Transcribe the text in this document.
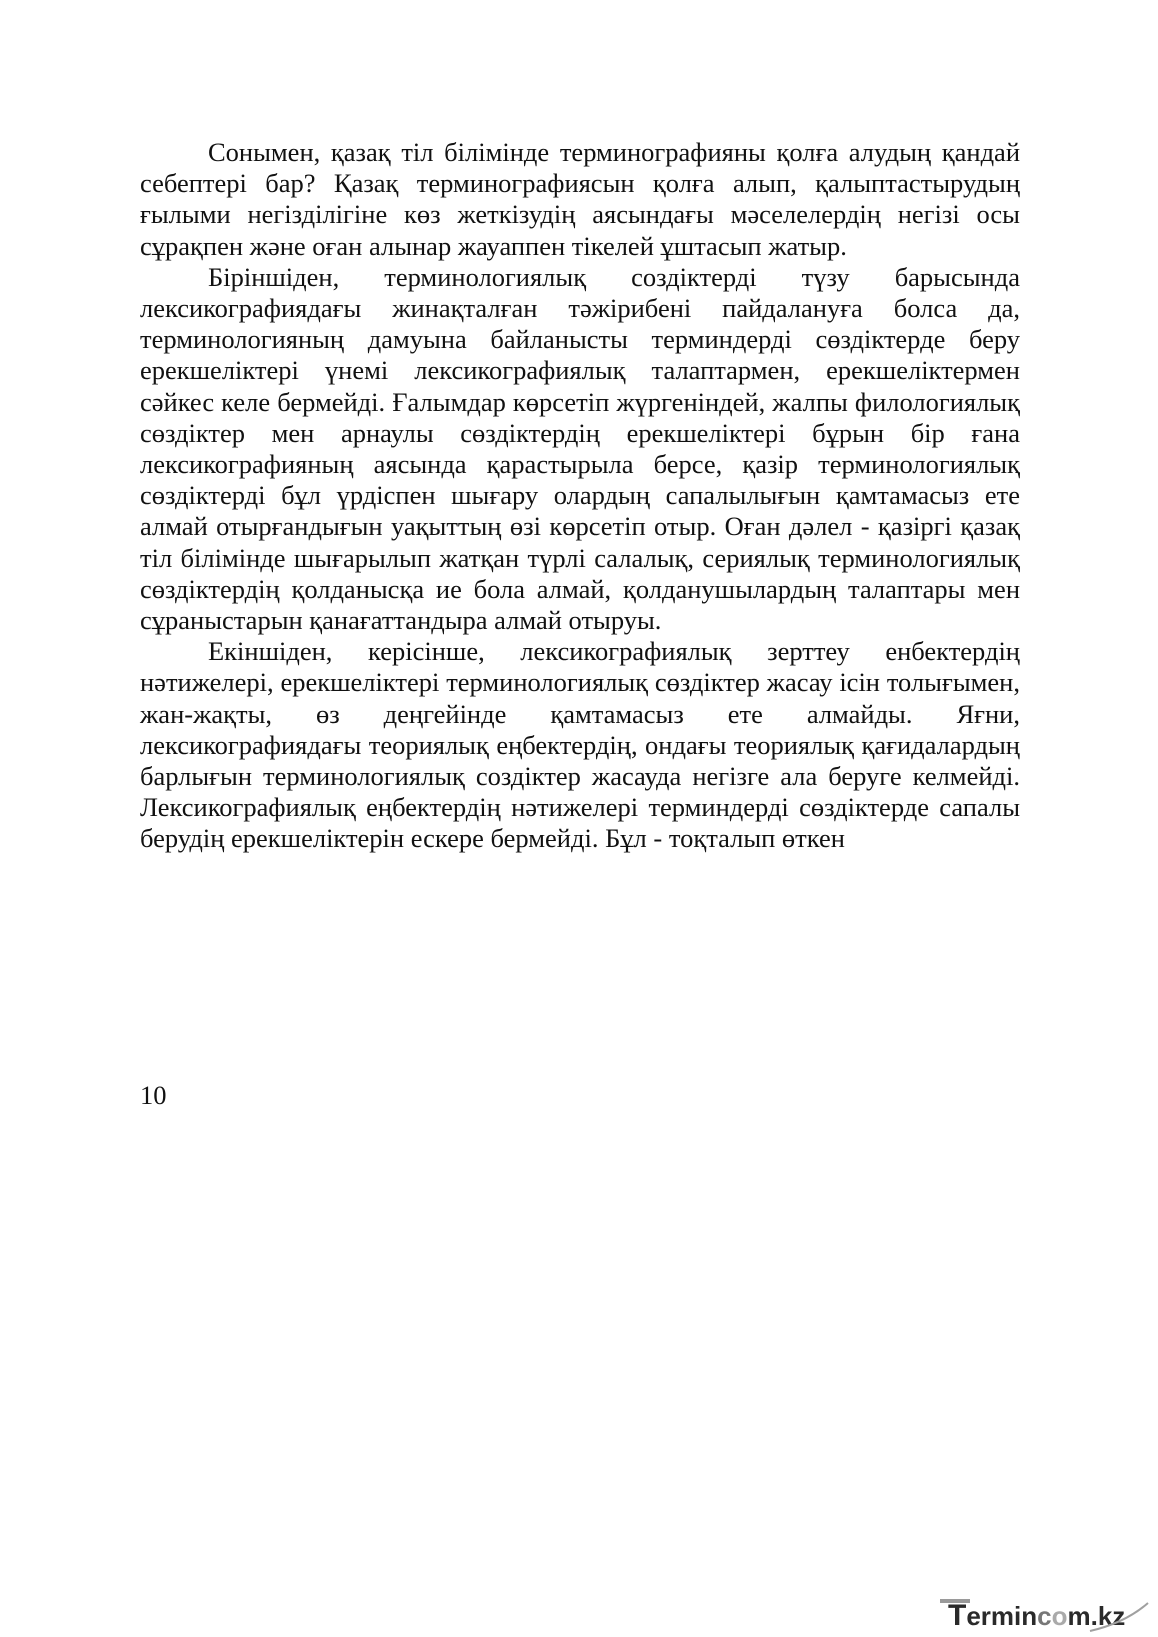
Сонымен, қазақ тіл білімінде терминографияны қолға алудың қандай себептері бар? Қазақ терминографиясын қолға алып, қалыптастырудың ғылыми негізділігіне көз жеткізудің аясындағы мәселелердің негізі осы сұрақпен және оған алынар жауаппен тікелей ұштасып жатыр.

Біріншіден, терминологиялық создіктерді түзу барысында лексикографиядағы жинақталған тәжірибені пайдалануға болса да, терминологияның дамуына байланысты терминдерді сөздіктерде беру ерекшеліктері үнемі лексикографиялық талаптармен, ерекшеліктермен сәйкес келе бермейді. Ғалымдар көрсетіп жүргеніндей, жалпы филологиялық сөздіктер мен арнаулы сөздіктердің ерекшеліктері бұрын бір ғана лексикографияның аясында қарастырыла берсе, қазір терминологиялық сөздіктерді бұл үрдіспен шығару олардың сапалылығын қамтамасыз ете алмай отырғандығын уақыттың өзі көрсетіп отыр. Оған дәлел - қазіргі қазақ тіл білімінде шығарылып жатқан түрлі салалық, сериялық терминологиялық сөздіктердің қолданысқа ие бола алмай, қолданушылардың талаптары мен сұраныстарын қанағаттандыра алмай отыруы.

Екіншіден, керісінше, лексикографиялық зерттеу енбектердің нәтижелері, ерекшеліктері терминологиялық сөздіктер жасау ісін толығымен, жан-жақты, өз деңгейінде қамтамасыз ете алмайды. Яғни, лексикографиядағы теориялық еңбектердің, ондағы теориялық қағидалардың барлығын терминологиялық создіктер жасауда негізге ала беруге келмейді. Лексикографиялық еңбектердің нәтижелері терминдерді сөздіктерде сапалы берудің ерекшеліктерін ескере бермейді. Бұл - тоқталып өткен

10
Termincom.kz
